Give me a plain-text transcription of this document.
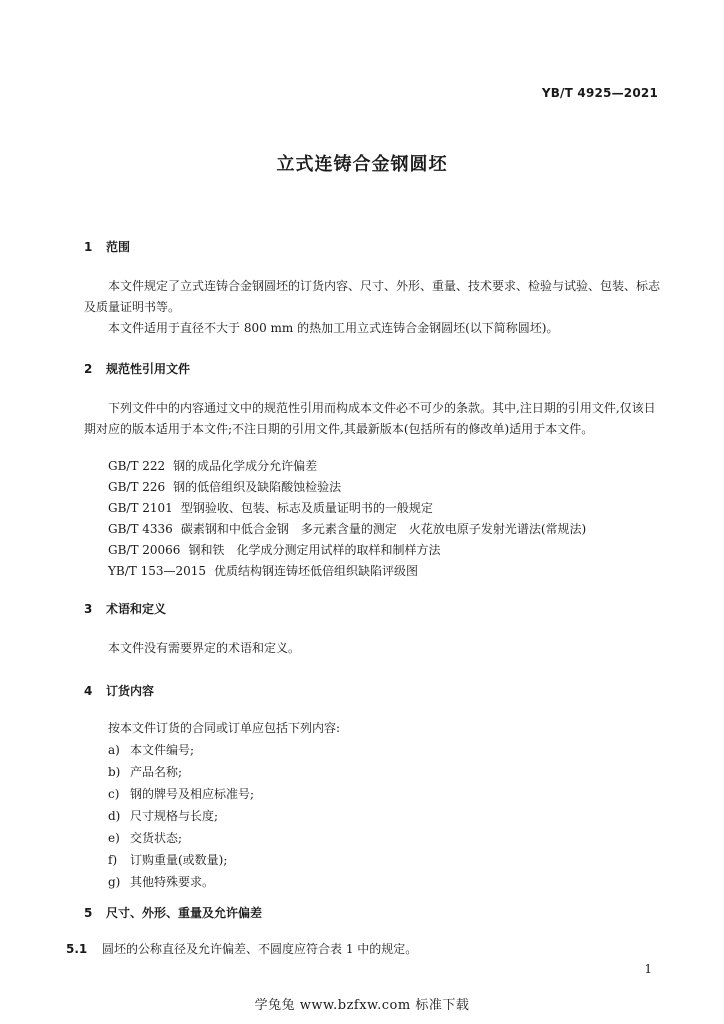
YB/T 4925—2021
立式连铸合金钢圆坯
1 范围
本文件规定了立式连铸合金钢圆坯的订货内容、尺寸、外形、重量、技术要求、检验与试验、包装、标志及质量证明书等。
本文件适用于直径不大于 800 mm 的热加工用立式连铸合金钢圆坯(以下简称圆坯)。
2 规范性引用文件
下列文件中的内容通过文中的规范性引用而构成本文件必不可少的条款。其中,注日期的引用文件,仅该日期对应的版本适用于本文件;不注日期的引用文件,其最新版本(包括所有的修改单)适用于本文件。
GB/T 222 钢的成品化学成分允许偏差
GB/T 226 钢的低倍组织及缺陷酸蚀检验法
GB/T 2101 型钢验收、包装、标志及质量证明书的一般规定
GB/T 4336 碳素钢和中低合金钢　多元素含量的测定　火花放电原子发射光谱法(常规法)
GB/T 20066 钢和铁　化学成分测定用试样的取样和制样方法
YB/T 153—2015 优质结构钢连铸坯低倍组织缺陷评级图
3 术语和定义
本文件没有需要界定的术语和定义。
4 订货内容
按本文件订货的合同或订单应包括下列内容:
a) 本文件编号;
b) 产品名称;
c) 钢的牌号及相应标准号;
d) 尺寸规格与长度;
e) 交货状态;
f) 订购重量(或数量);
g) 其他特殊要求。
5 尺寸、外形、重量及允许偏差
5.1 圆坯的公称直径及允许偏差、不圆度应符合表 1 中的规定。
1
学兔兔 www.bzfxw.com 标准下载
